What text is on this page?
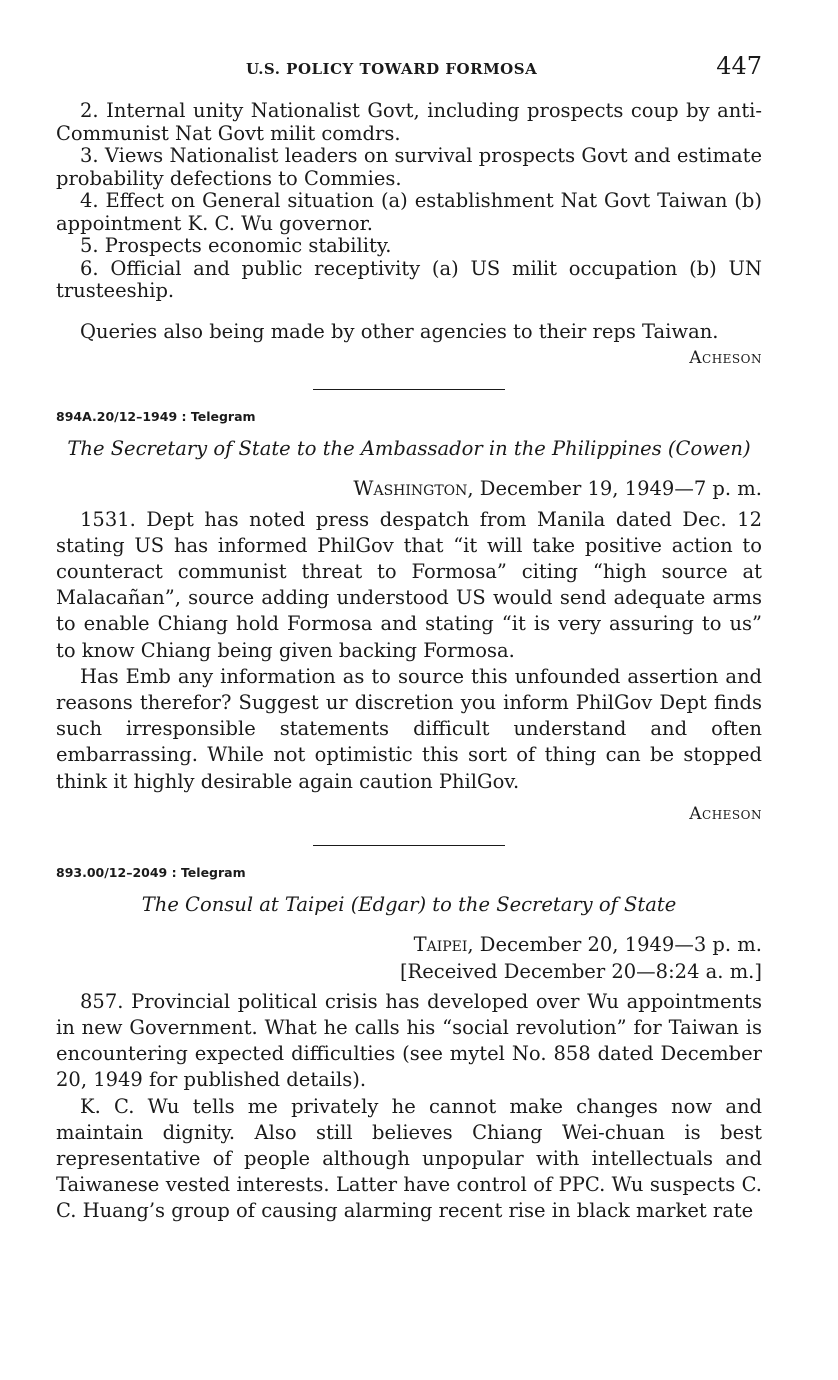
U.S. POLICY TOWARD FORMOSA	447

2. Internal unity Nationalist Govt, including prospects coup by anti-Communist Nat Govt milit comdrs.

3. Views Nationalist leaders on survival prospects Govt and estimate probability defections to Commies.

4. Effect on General situation (a) establishment Nat Govt Taiwan (b) appointment K. C. Wu governor.

5. Prospects economic stability.

6. Official and public receptivity (a) US milit occupation (b) UN trusteeship.

Queries also being made by other agencies to their reps Taiwan.

Acheson

894A.20/12–1949 : Telegram
The Secretary of State to the Ambassador in the Philippines (Cowen)
Washington, December 19, 1949—7 p. m.

1531. Dept has noted press despatch from Manila dated Dec. 12 stating US has informed PhilGov that “it will take positive action to counteract communist threat to Formosa” citing “high source at Malacañan”, source adding understood US would send adequate arms to enable Chiang hold Formosa and stating “it is very assuring to us” to know Chiang being given backing Formosa.

Has Emb any information as to source this unfounded assertion and reasons therefor? Suggest ur discretion you inform PhilGov Dept finds such irresponsible statements difficult understand and often embarrassing. While not optimistic this sort of thing can be stopped think it highly desirable again caution PhilGov.

Acheson

893.00/12–2049 : Telegram
The Consul at Taipei (Edgar) to the Secretary of State
Taipei, December 20, 1949—3 p. m.
[Received December 20—8:24 a. m.]

857. Provincial political crisis has developed over Wu appointments in new Government. What he calls his “social revolution” for Taiwan is encountering expected difficulties (see mytel No. 858 dated December 20, 1949 for published details).

K. C. Wu tells me privately he cannot make changes now and maintain dignity. Also still believes Chiang Wei-chuan is best representative of people although unpopular with intellectuals and Taiwanese vested interests. Latter have control of PPC. Wu suspects C. C. Huang’s group of causing alarming recent rise in black market rate
